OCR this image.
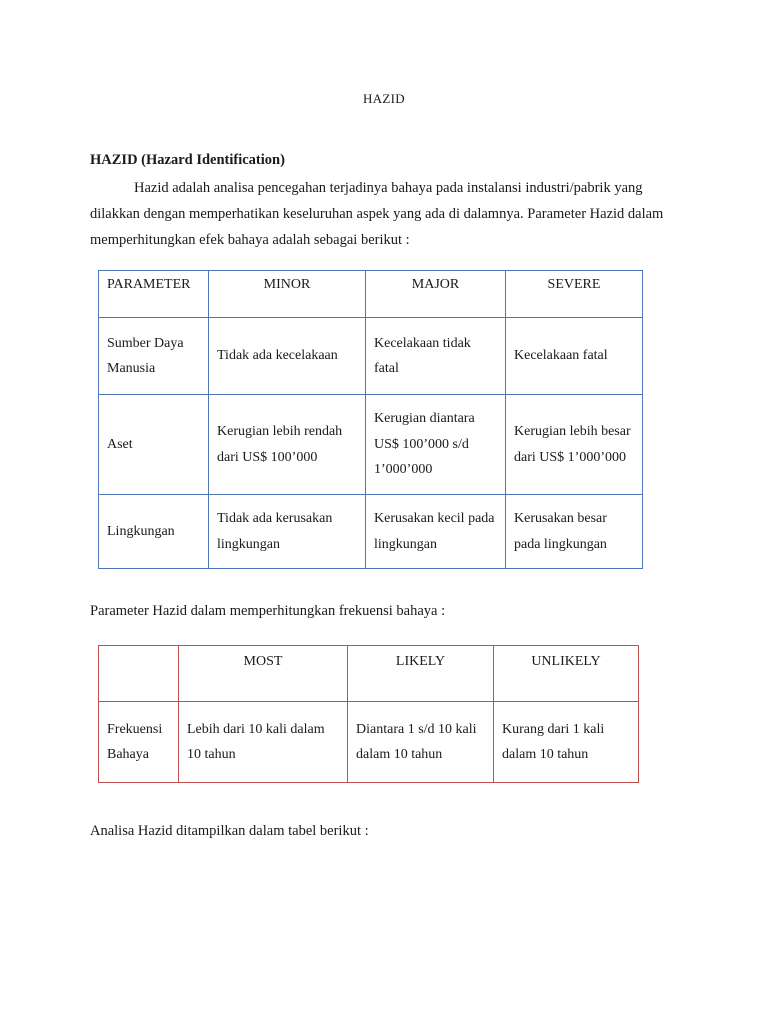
HAZID
HAZID (Hazard Identification)
Hazid adalah analisa pencegahan terjadinya bahaya pada instalansi industri/pabrik yang dilakkan dengan memperhatikan keseluruhan aspek yang ada di dalamnya. Parameter Hazid dalam memperhitungkan efek bahaya adalah sebagai berikut :
PARAMETER	MINOR	MAJOR	SEVERE
Sumber Daya Manusia	Tidak ada kecelakaan	Kecelakaan tidak fatal	Kecelakaan fatal
Aset	Kerugian lebih rendah dari US$ 100’000	Kerugian diantara US$ 100’000 s/d 1’000’000	Kerugian lebih besar dari US$ 1’000’000
Lingkungan	Tidak ada kerusakan lingkungan	Kerusakan kecil pada lingkungan	Kerusakan besar pada lingkungan
Parameter Hazid dalam memperhitungkan frekuensi bahaya :
	MOST	LIKELY	UNLIKELY
Frekuensi Bahaya	Lebih dari 10 kali dalam 10 tahun	Diantara 1 s/d 10 kali dalam 10 tahun	Kurang dari 1 kali dalam 10 tahun
Analisa Hazid ditampilkan dalam tabel berikut :
